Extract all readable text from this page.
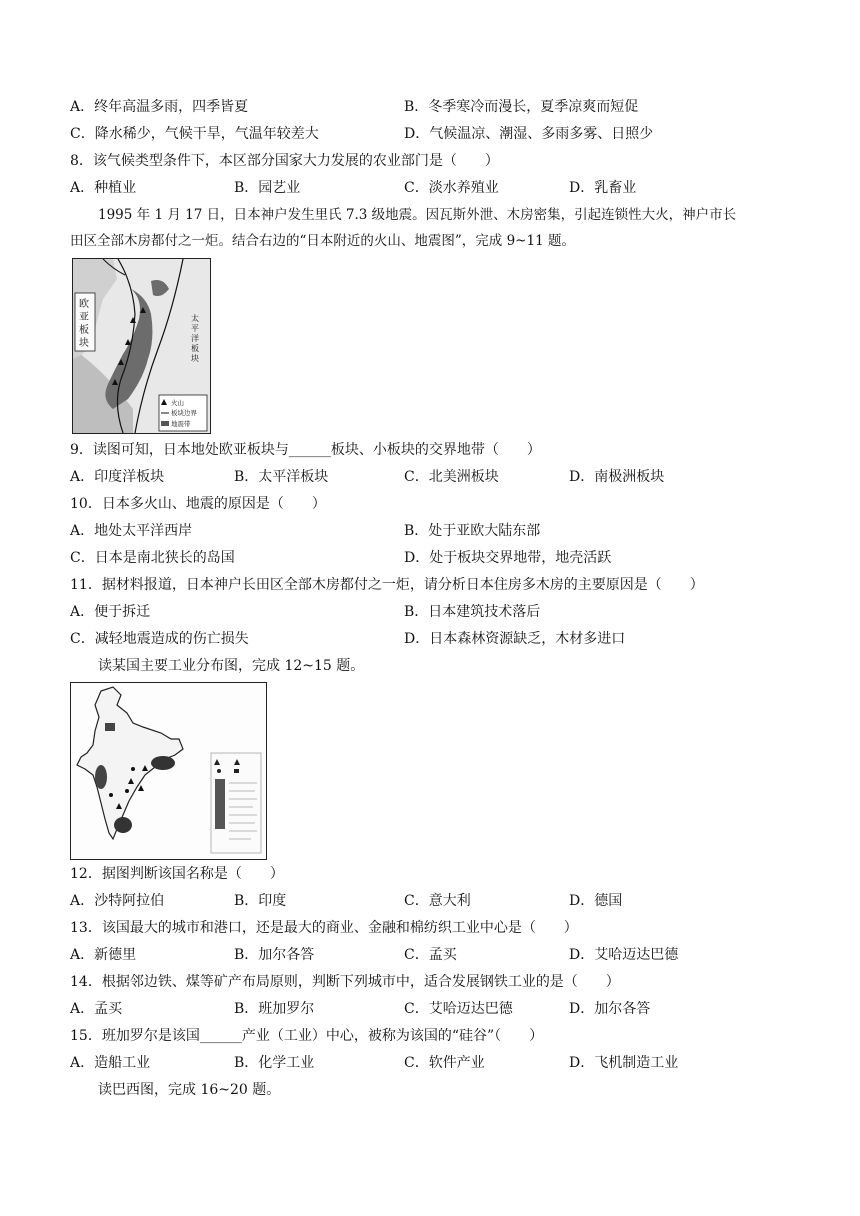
A．终年高温多雨，四季皆夏	B．冬季寒冷而漫长，夏季凉爽而短促
C．降水稀少，气候干旱，气温年较差大	D．气候温凉、潮湿、多雨多雾、日照少
8．该气候类型条件下，本区部分国家大力发展的农业部门是（　　）
A．种植业	B．园艺业	C．淡水养殖业	D．乳畜业
1995 年 1 月 17 日，日本神户发生里氏 7.3 级地震。因瓦斯外泄、木房密集，引起连锁性大火，神户市长
田区全部木房都付之一炬。结合右边的“日本附近的火山、地震图”，完成 9~11 题。
欧
亚
板
块
太
平
洋
板
块
火山
板块边界
地震带
9．读图可知，日本地处欧亚板块与______板块、小板块的交界地带（　　）
A．印度洋板块	B．太平洋板块	C．北美洲板块	D．南极洲板块
10．日本多火山、地震的原因是（　　）
A．地处太平洋西岸	B．处于亚欧大陆东部
C．日本是南北狭长的岛国	D．处于板块交界地带，地壳活跃
11．据材料报道，日本神户长田区全部木房都付之一炬，请分析日本住房多木房的主要原因是（　　）
A．便于拆迁	B．日本建筑技术落后
C．减轻地震造成的伤亡损失	D．日本森林资源缺乏，木材多进口
读某国主要工业分布图，完成 12~15 题。
12．据图判断该国名称是（　　）
A．沙特阿拉伯	B．印度	C．意大利	D．德国
13．该国最大的城市和港口，还是最大的商业、金融和棉纺织工业中心是（　　）
A．新德里	B．加尔各答	C．孟买	D．艾哈迈达巴德
14．根据邻边铁、煤等矿产布局原则，判断下列城市中，适合发展钢铁工业的是（　　）
A．孟买	B．班加罗尔	C．艾哈迈达巴德	D．加尔各答
15．班加罗尔是该国______产业（工业）中心，被称为该国的“硅谷”（　　）
A．造船工业	B．化学工业	C．软件产业	D．飞机制造工业
读巴西图，完成 16~20 题。
